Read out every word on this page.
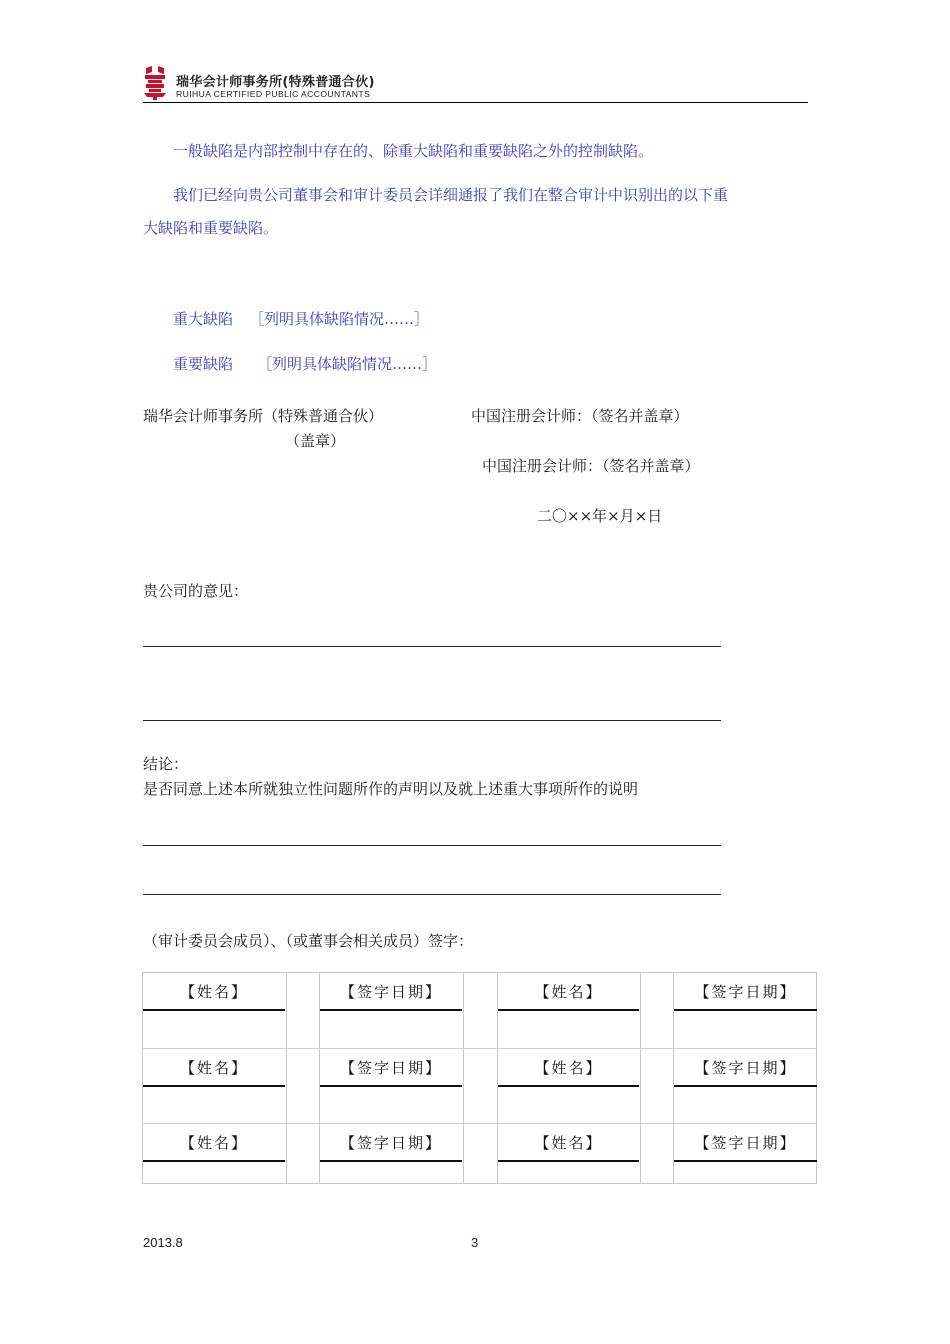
瑞华会计师事务所(特殊普通合伙)
RUIHUA CERTIFIED PUBLIC ACCOUNTANTS
一般缺陷是内部控制中存在的、除重大缺陷和重要缺陷之外的控制缺陷。
我们已经向贵公司董事会和审计委员会详细通报了我们在整合审计中识别出的以下重
大缺陷和重要缺陷。
重大缺陷 ［列明具体缺陷情况……］
重要缺陷 ［列明具体缺陷情况……］
瑞华会计师事务所（特殊普通合伙）
（盖章）
中国注册会计师：（签名并盖章）
中国注册会计师：（签名并盖章）
二〇××年×月×日
贵公司的意见：
结论：
是否同意上述本所就独立性问题所作的声明以及就上述重大事项所作的说明
（审计委员会成员）、（或董事会相关成员）签字：
【姓名】	【签字日期】	【姓名】	【签字日期】
【姓名】	【签字日期】	【姓名】	【签字日期】
【姓名】	【签字日期】	【姓名】	【签字日期】
2013.8	3
